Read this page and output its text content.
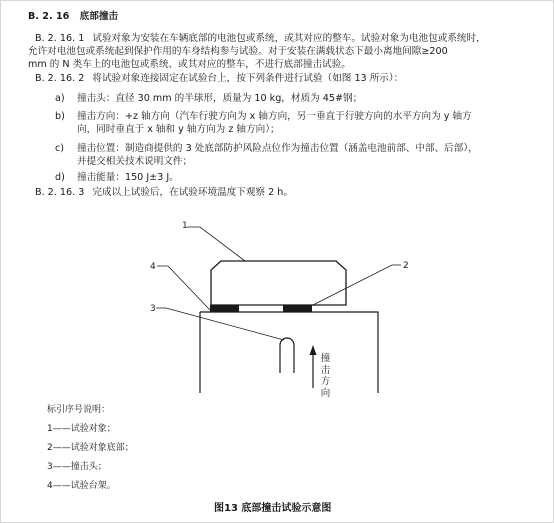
B. 2. 16 底部撞击
B. 2. 16. 1 试验对象为安装在车辆底部的电池包或系统，或其对应的整车。试验对象为电池包或系统时，
允许对电池包或系统起到保护作用的车身结构参与试验。对于安装在满载状态下最小离地间隙≥200
mm 的 N 类车上的电池包或系统、或其对应的整车，不进行底部撞击试验。
B. 2. 16. 2 将试验对象连接固定在试验台上，按下列条件进行试验（如图 13 所示）：
a) 撞击头：直径 30 mm 的半球形，质量为 10 kg，材质为 45#钢；
b) 撞击方向：+z 轴方向（汽车行驶方向为 x 轴方向，另一垂直于行驶方向的水平方向为 y 轴方
向，同时垂直于 x 轴和 y 轴方向为 z 轴方向）；
c) 撞击位置：制造商提供的 3 处底部防护风险点位作为撞击位置（涵盖电池前部、中部、后部），
并提交相关技术说明文件；
d) 撞击能量：150 J±3 J。
B. 2. 16. 3 完成以上试验后，在试验环境温度下观察 2 h。
1
2
3
4
撞击方向
标引序号说明：
1——试验对象；
2——试验对象底部；
3——撞击头；
4——试验台架。
图13 底部撞击试验示意图
